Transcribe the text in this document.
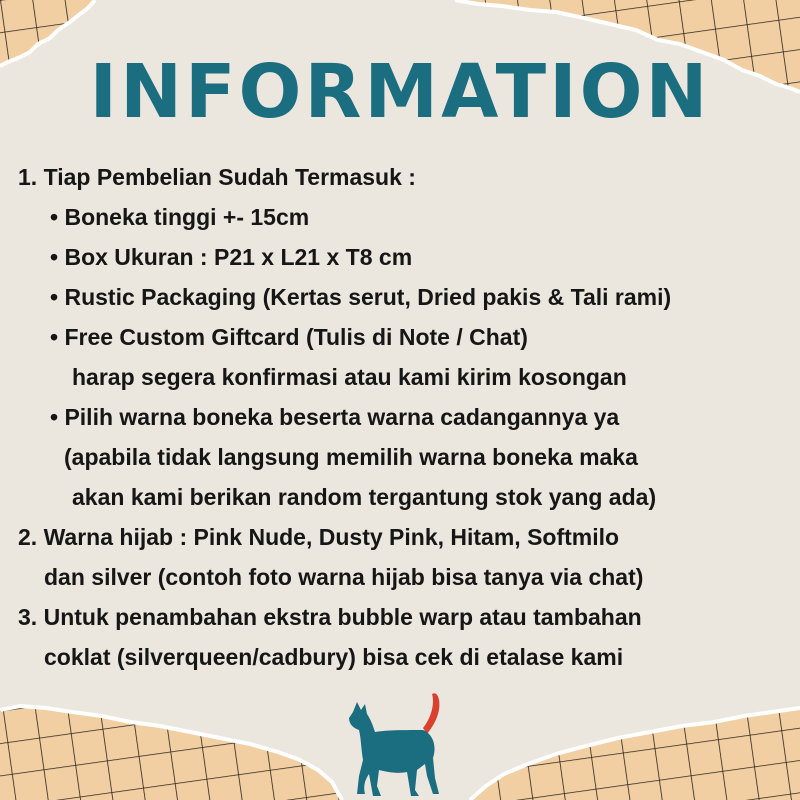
INFORMATION
1. Tiap Pembelian Sudah Termasuk :
• Boneka tinggi +- 15cm
• Box Ukuran : P21 x L21 x T8 cm
• Rustic Packaging (Kertas serut, Dried pakis & Tali rami)
• Free Custom Giftcard (Tulis di Note / Chat)
harap segera konfirmasi atau kami kirim kosongan
• Pilih warna boneka beserta warna cadangannya ya
(apabila tidak langsung memilih warna boneka maka
akan kami berikan random tergantung stok yang ada)
2. Warna hijab : Pink Nude, Dusty Pink, Hitam, Softmilo
dan silver (contoh foto warna hijab bisa tanya via chat)
3. Untuk penambahan ekstra bubble warp atau tambahan
coklat (silverqueen/cadbury) bisa cek di etalase kami
